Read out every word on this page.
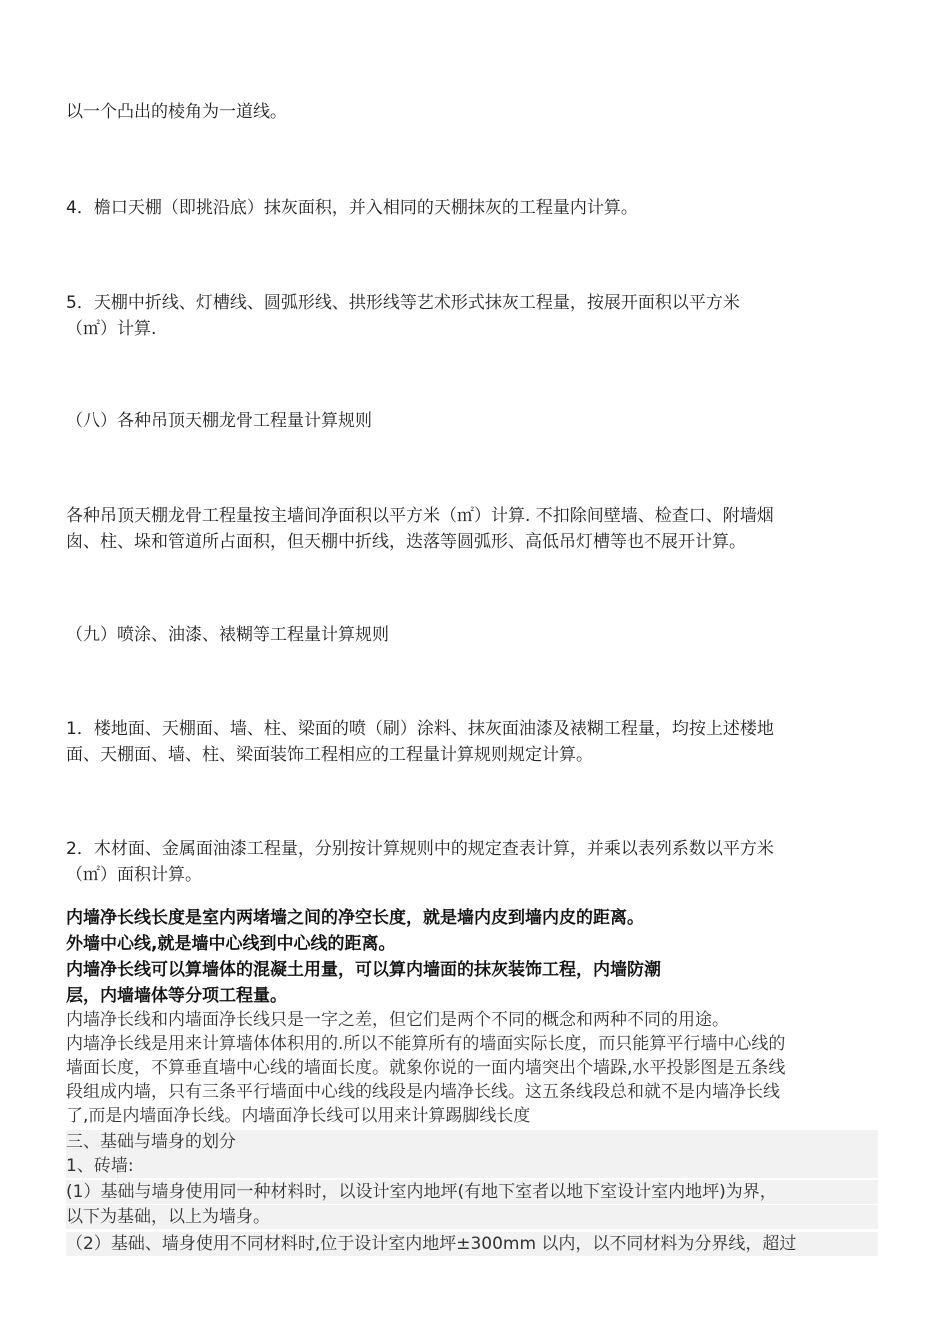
以一个凸出的棱角为一道线。

4．檐口天棚（即挑沿底）抹灰面积，并入相同的天棚抹灰的工程量内计算。

5．天棚中折线、灯槽线、圆弧形线、拱形线等艺术形式抹灰工程量，按展开面积以平方米

（㎡）计算.

（八）各种吊顶天棚龙骨工程量计算规则

各种吊顶天棚龙骨工程量按主墙间净面积以平方米（㎡）计算. 不扣除间壁墙、检查口、附墙烟

囱、柱、垛和管道所占面积，但天棚中折线，迭落等圆弧形、高低吊灯槽等也不展开计算。

（九）喷涂、油漆、裱糊等工程量计算规则

1．楼地面、天棚面、墙、柱、梁面的喷（刷）涂料、抹灰面油漆及裱糊工程量，均按上述楼地

面、天棚面、墙、柱、梁面装饰工程相应的工程量计算规则规定计算。

2．木材面、金属面油漆工程量，分别按计算规则中的规定查表计算，并乘以表列系数以平方米

（㎡）面积计算。

内墙净长线长度是室内两堵墙之间的净空长度，就是墙内皮到墙内皮的距离。

外墙中心线,就是墙中心线到中心线的距离。

内墙净长线可以算墙体的混凝土用量，可以算内墙面的抹灰装饰工程，内墙防潮

层，内墙墙体等分项工程量。

内墙净长线和内墙面净长线只是一字之差，但它们是两个不同的概念和两种不同的用途。

内墙净长线是用来计算墙体体积用的.所以不能算所有的墙面实际长度，而只能算平行墙中心线的

墙面长度，不算垂直墙中心线的墙面长度。就象你说的一面内墙突出个墙跺,水平投影图是五条线

段组成内墙，只有三条平行墙面中心线的线段是内墙净长线。这五条线段总和就不是内墙净长线

了,而是内墙面净长线。内墙面净长线可以用来计算踢脚线长度

三、基础与墙身的划分

1、砖墙:

(1）基础与墙身使用同一种材料时，以设计室内地坪(有地下室者以地下室设计室内地坪)为界，

以下为基础，以上为墙身。

（2）基础、墙身使用不同材料时,位于设计室内地坪±300mm 以内，以不同材料为分界线，超过
